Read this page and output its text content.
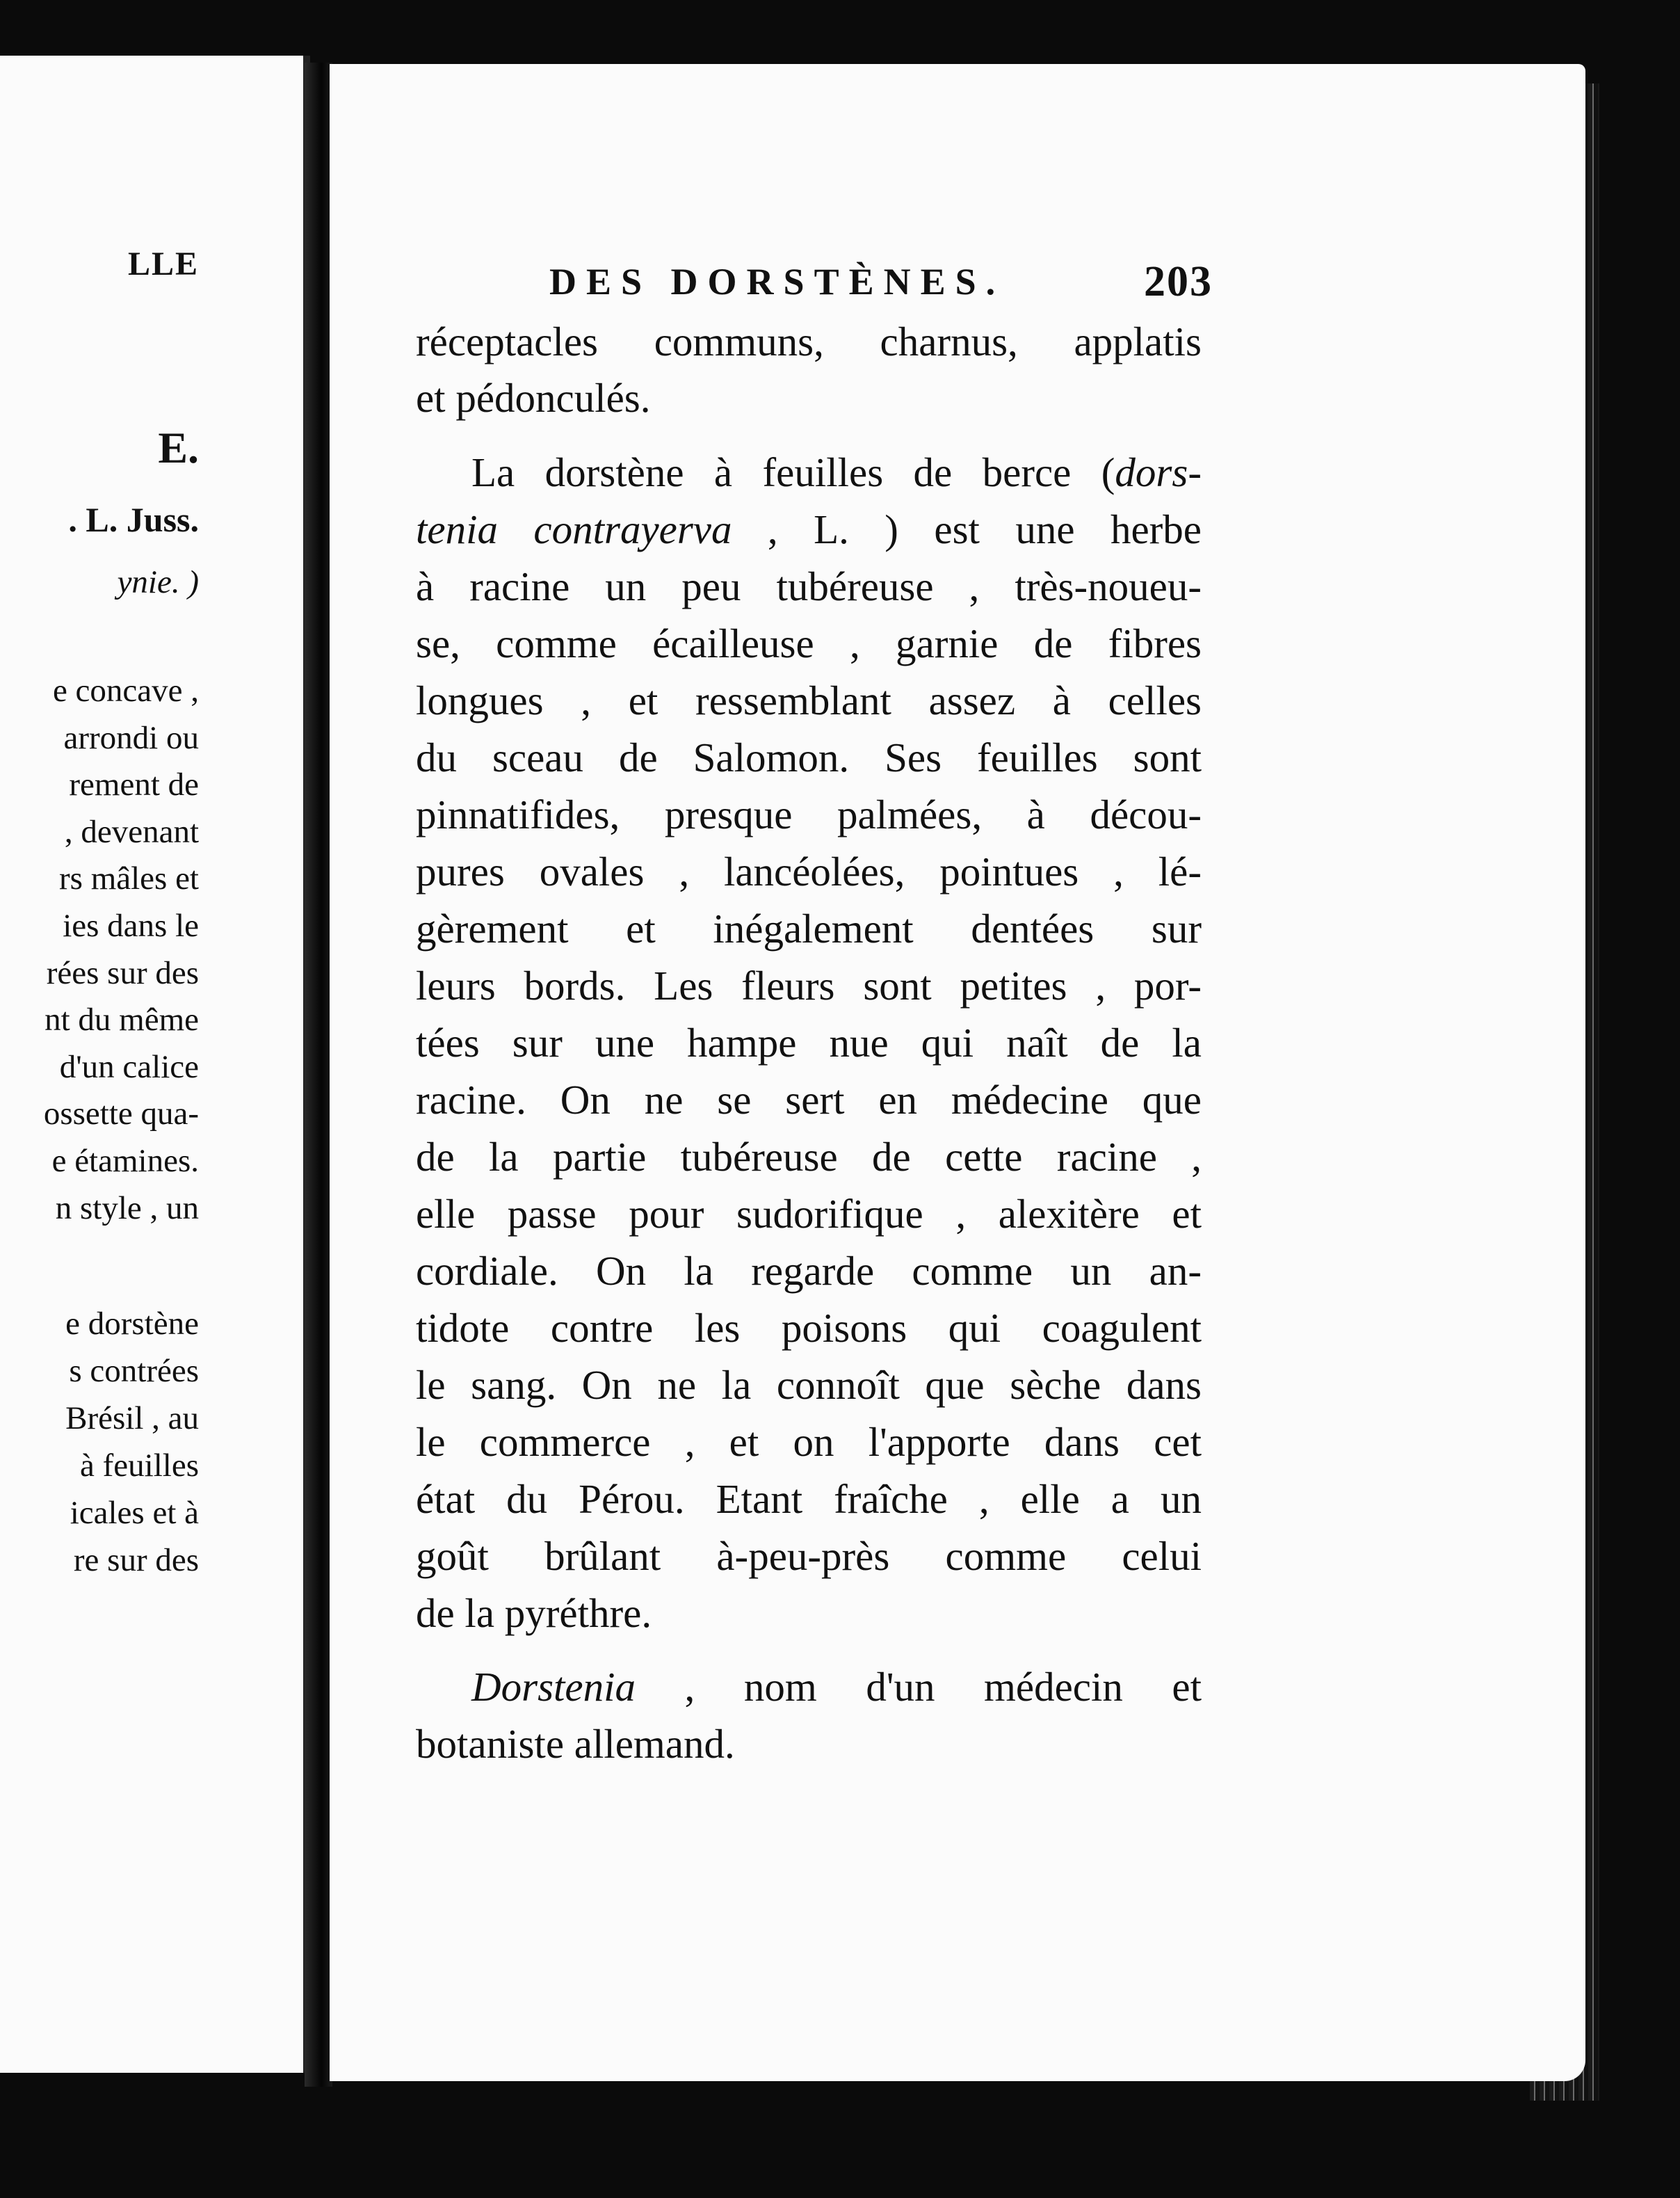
LLE
E.
. L. Juss.
ynie. )
e concave ,
arrondi ou
rement de
, devenant
rs mâles et
ies dans le
rées sur des
nt du même
d'un calice
ossette qua-
e étamines.
n style , un
e dorstène
s contrées
Brésil , au
à feuilles
icales et à
re sur des
DES DORSTÈNES.	203
réceptacles communs, charnus, applatis
et pédonculés.
La dorstène à feuilles de berce (dors-
tenia contrayerva , L. ) est une herbe
à racine un peu tubéreuse , très-noueu-
se, comme écailleuse , garnie de fibres
longues , et ressemblant assez à celles
du sceau de Salomon. Ses feuilles sont
pinnatifides, presque palmées, à décou-
pures ovales , lancéolées, pointues , lé-
gèrement et inégalement dentées sur
leurs bords. Les fleurs sont petites , por-
tées sur une hampe nue qui naît de la
racine. On ne se sert en médecine que
de la partie tubéreuse de cette racine ,
elle passe pour sudorifique , alexitère et
cordiale. On la regarde comme un an-
tidote contre les poisons qui coagulent
le sang. On ne la connoît que sèche dans
le commerce , et on l'apporte dans cet
état du Pérou. Etant fraîche , elle a un
goût brûlant à-peu-près comme celui
de la pyréthre.
Dorstenia , nom d'un médecin et
botaniste allemand.
